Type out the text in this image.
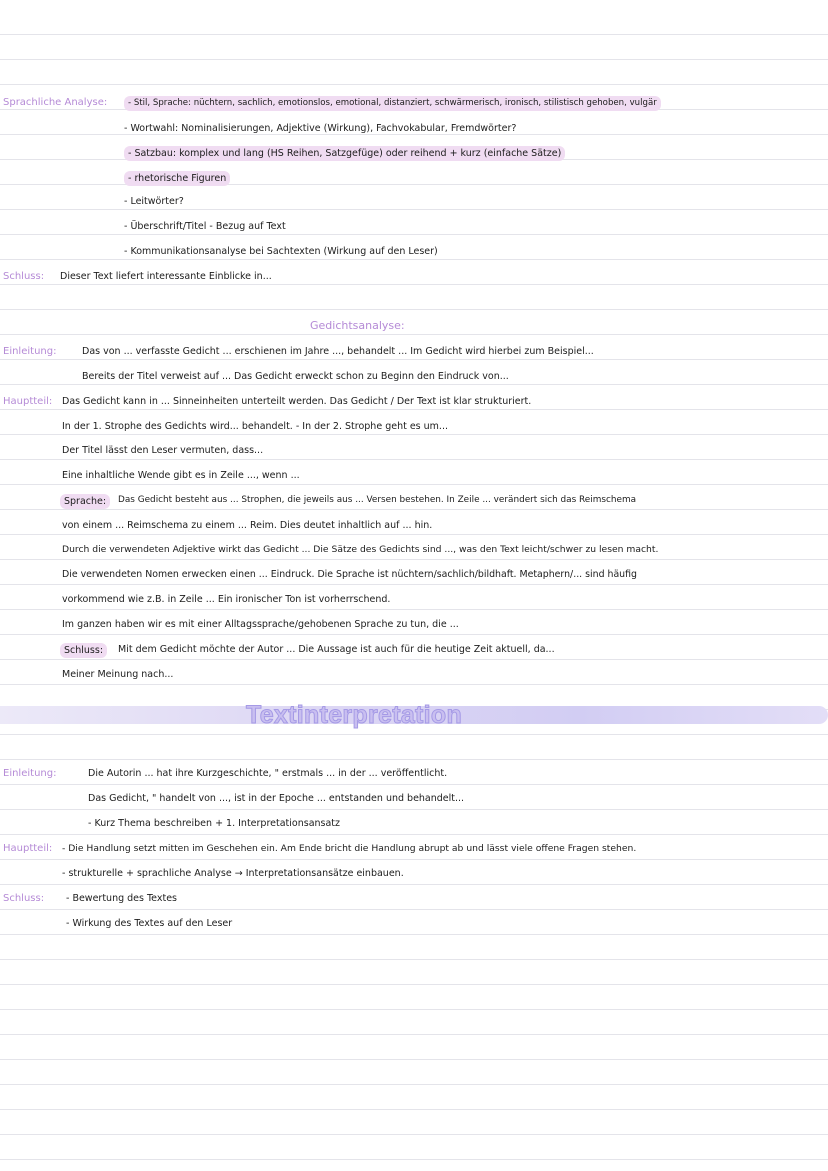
Sprachliche Analyse:	- Stil, Sprache: nüchtern, sachlich, emotionslos, emotional, distanziert, schwärmerisch, ironisch, stilistisch gehoben, vulgär
- Wortwahl: Nominalisierungen, Adjektive (Wirkung), Fachvokabular, Fremdwörter?
- Satzbau: komplex und lang (HS Reihen, Satzgefüge) oder reihend + kurz (einfache Sätze)
- rhetorische Figuren
- Leitwörter?
- Überschrift/Titel - Bezug auf Text
- Kommunikationsanalyse bei Sachtexten (Wirkung auf den Leser)
Schluss: Dieser Text liefert interessante Einblicke in...
Gedichtsanalyse:
Einleitung:	Das von ... verfasste Gedicht ... erschienen im Jahre ..., behandelt ... Im Gedicht wird hierbei zum Beispiel...
Bereits der Titel verweist auf ... Das Gedicht erweckt schon zu Beginn den Eindruck von...
Hauptteil: Das Gedicht kann in ... Sinneinheiten unterteilt werden. Das Gedicht / Der Text ist klar strukturiert.
In der 1. Strophe des Gedichts wird... behandelt. - In der 2. Strophe geht es um...
Der Titel lässt den Leser vermuten, dass...
Eine inhaltliche Wende gibt es in Zeile ..., wenn ...
Sprache:	Das Gedicht besteht aus ... Strophen, die jeweils aus ... Versen bestehen. In Zeile ... verändert sich das Reimschema
von einem ... Reimschema zu einem ... Reim. Dies deutet inhaltlich auf ... hin.
Durch die verwendeten Adjektive wirkt das Gedicht ... Die Sätze des Gedichts sind ..., was den Text leicht/schwer zu lesen macht.
Die verwendeten Nomen erwecken einen ... Eindruck. Die Sprache ist nüchtern/sachlich/bildhaft. Metaphern/... sind häufig
vorkommend wie z.B. in Zeile ... Ein ironischer Ton ist vorherrschend.
Im ganzen haben wir es mit einer Alltagssprache/gehobenen Sprache zu tun, die ...
Schluss:	Mit dem Gedicht möchte der Autor ... Die Aussage ist auch für die heutige Zeit aktuell, da...
Meiner Meinung nach...
Textinterpretation
Einleitung:	Die Autorin ... hat ihre Kurzgeschichte, " erstmals ... in der ... veröffentlicht.
Das Gedicht, " handelt von ..., ist in der Epoche ... entstanden und behandelt...
- Kurz Thema beschreiben + 1. Interpretationsansatz
Hauptteil: - Die Handlung setzt mitten im Geschehen ein. Am Ende bricht die Handlung abrupt ab und lässt viele offene Fragen stehen.
- strukturelle + sprachliche Analyse → Interpretationsansätze einbauen.
Schluss: - Bewertung des Textes
- Wirkung des Textes auf den Leser
